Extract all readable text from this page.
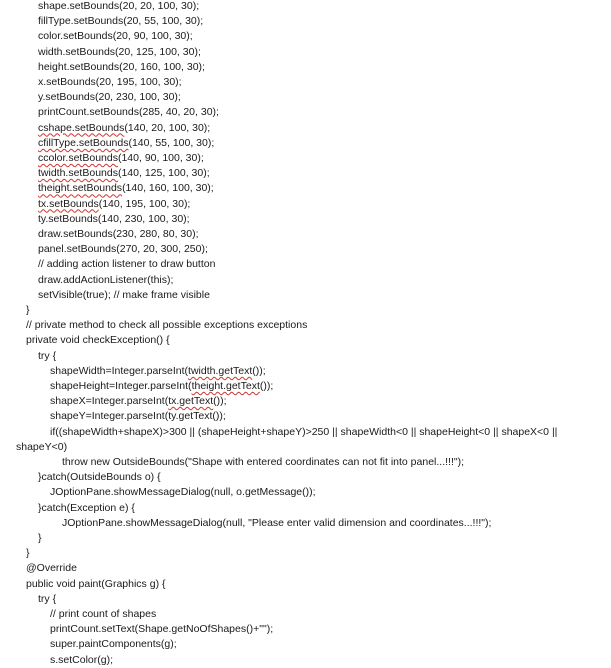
shape.setBounds(20, 20, 100, 30);
fillType.setBounds(20, 55, 100, 30);
color.setBounds(20, 90, 100, 30);
width.setBounds(20, 125, 100, 30);
height.setBounds(20, 160, 100, 30);
x.setBounds(20, 195, 100, 30);
y.setBounds(20, 230, 100, 30);
printCount.setBounds(285, 40, 20, 30);
cshape.setBounds(140, 20, 100, 30);
cfillType.setBounds(140, 55, 100, 30);
ccolor.setBounds(140, 90, 100, 30);
twidth.setBounds(140, 125, 100, 30);
theight.setBounds(140, 160, 100, 30);
tx.setBounds(140, 195, 100, 30);
ty.setBounds(140, 230, 100, 30);
draw.setBounds(230, 280, 80, 30);
panel.setBounds(270, 20, 300, 250);
// adding action listener to draw button
draw.addActionListener(this);
setVisible(true); // make frame visible
}
// private method to check all possible exceptions exceptions
private void checkException() {
try {
shapeWidth=Integer.parseInt(twidth.getText());
shapeHeight=Integer.parseInt(theight.getText());
shapeX=Integer.parseInt(tx.getText());
shapeY=Integer.parseInt(ty.getText());
if((shapeWidth+shapeX)>300 || (shapeHeight+shapeY)>250 || shapeWidth<0 || shapeHeight<0 || shapeX<0 ||
shapeY<0)
throw new OutsideBounds("Shape with entered coordinates can not fit into panel...!!!");
}catch(OutsideBounds o) {
JOptionPane.showMessageDialog(null, o.getMessage());
}catch(Exception e) {
JOptionPane.showMessageDialog(null, "Please enter valid dimension and coordinates...!!!");
}
}
@Override
public void paint(Graphics g) {
try {
// print count of shapes
printCount.setText(Shape.getNoOfShapes()+"");
super.paintComponents(g);
s.setColor(g);
